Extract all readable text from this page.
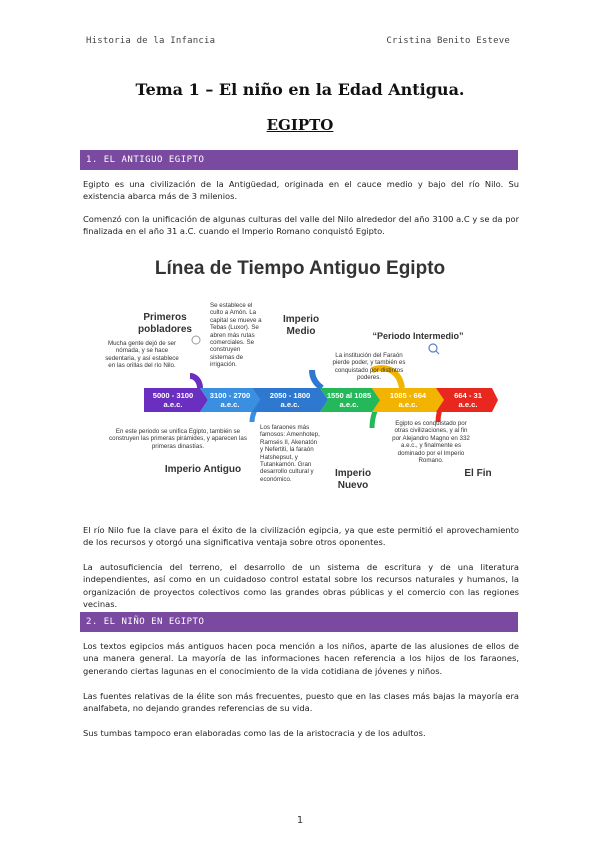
Historia de la Infancia	Cristina Benito Esteve
Tema 1 – El niño en la Edad Antigua.
EGIPTO
1. EL ANTIGUO EGIPTO
Egipto es una civilización de la Antigüedad, originada en el cauce medio y bajo del río Nilo. Su existencia abarca más de 3 milenios.
Comenzó con la unificación de algunas culturas del valle del Nilo alrededor del año 3100 a.C y se da por finalizada en el año 31 a.C. cuando el Imperio Romano conquistó Egipto.
Línea de Tiempo Antiguo Egipto
5000 - 3100 a.e.c.
3100 - 2700 a.e.c.
2050 - 1800 a.e.c.
1550 al 1085 a.e.c.
1085 - 664 a.e.c.
664 - 31 a.e.c.
Primeros pobladores
Mucha gente dejó de ser nómada, y se hace sedentaria, y así establece en las orillas del río Nilo.
Se establece el culto a Amón. La capital se mueve a Tebas (Luxor). Se abren más rutas comerciales. Se construyen sistemas de irrigación.
Imperio Medio	“Periodo Intermedio”
La institución del Faraón pierde poder, y también es conquistado por distintos poderes.
En este periodo se unifica Egipto, también se construyen las primeras pirámides, y aparecen las primeras dinastías.
Imperio Antiguo
Los faraones más famosos: Amenhotep, Ramsés II, Akenatón y Nefertiti, la faraón Hatshepsut, y Tutankamón. Gran desarrollo cultural y económico.
Imperio Nuevo
Egipto es conquistado por otras civilizaciones, y al fin por Alejandro Magno en 332 a.e.c., y finalmente es dominado por el Imperio Romano.
El Fin
El río Nilo fue la clave para el éxito de la civilización egipcia, ya que este permitió el aprovechamiento de los recursos y otorgó una significativa ventaja sobre otros oponentes.
La autosuficiencia del terreno, el desarrollo de un sistema de escritura y de una literatura independientes, así como en un cuidadoso control estatal sobre los recursos naturales y humanos, la organización de proyectos colectivos como las grandes obras públicas y el comercio con las regiones vecinas.
2. EL NIÑO EN EGIPTO
Los textos egipcios más antiguos hacen poca mención a los niños, aparte de las alusiones de ellos de una manera general. La mayoría de las informaciones hacen referencia a los hijos de los faraones, generando ciertas lagunas en el conocimiento de la vida cotidiana de jóvenes y niños.
Las fuentes relativas de la élite son más frecuentes, puesto que en las clases más bajas la mayoría era analfabeta, no dejando grandes referencias de su vida.
Sus tumbas tampoco eran elaboradas como las de la aristocracia y de los adultos.
1
